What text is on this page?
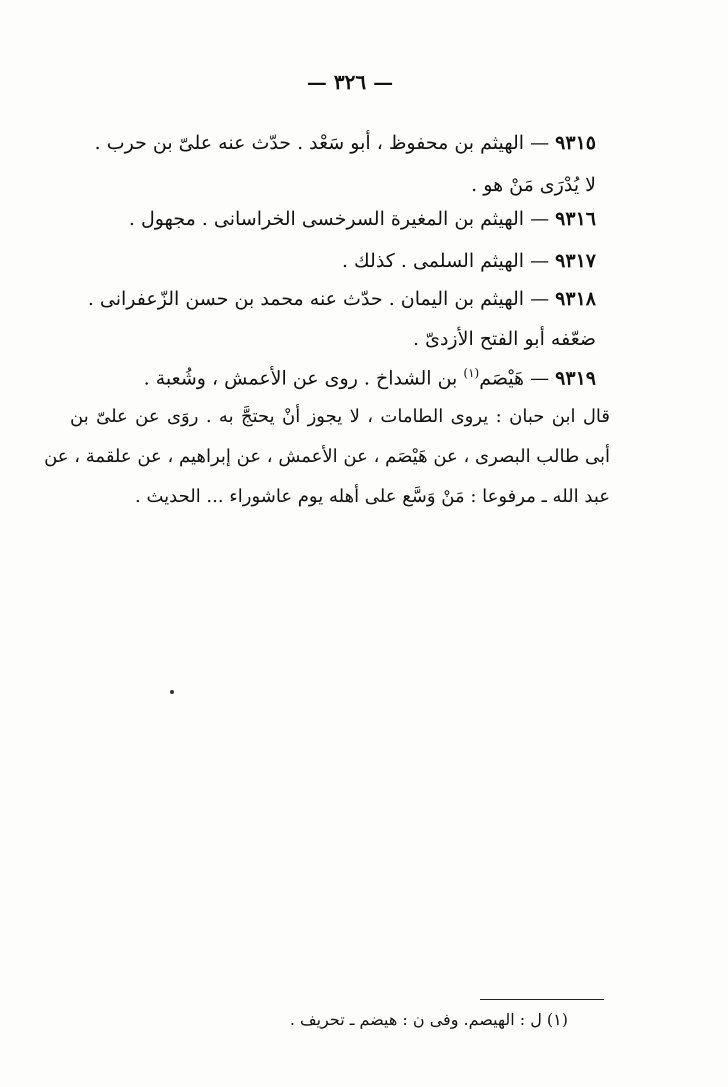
— ٣٢٦ —
٩٣١٥ — الهيثم بن محفوظ ، أبو سَعْد . حدّث عنه علىّ بن حرب .
لا يُدْرَى مَنْ هو .
٩٣١٦ — الهيثم بن المغيرة السرخسى الخراسانى . مجهول .
٩٣١٧ — الهيثم السلمى . كذلك .
٩٣١٨ — الهيثم بن اليمان . حدّث عنه محمد بن حسن الزّعفرانى .
ضعّفه أبو الفتح الأزدىّ .
٩٣١٩ — هَيْصَم$^{(١)}$ بن الشداخ . روى عن الأعمش ، وشُعبة .
قال ابن حبان : يروى الطامات ، لا يجوز أنْ يحتجَّ به . روَى عن علىّ بن
أبى طالب البصرى ، عن هَيْصَم ، عن الأعمش ، عن إبراهيم ، عن علقمة ، عن
عبد الله ـ مرفوعا : مَنْ وَسَّع على أهله يوم عاشوراء ... الحديث .
(١) ل : الهيصم. وفى ن : هيضم ـ تحريف .
